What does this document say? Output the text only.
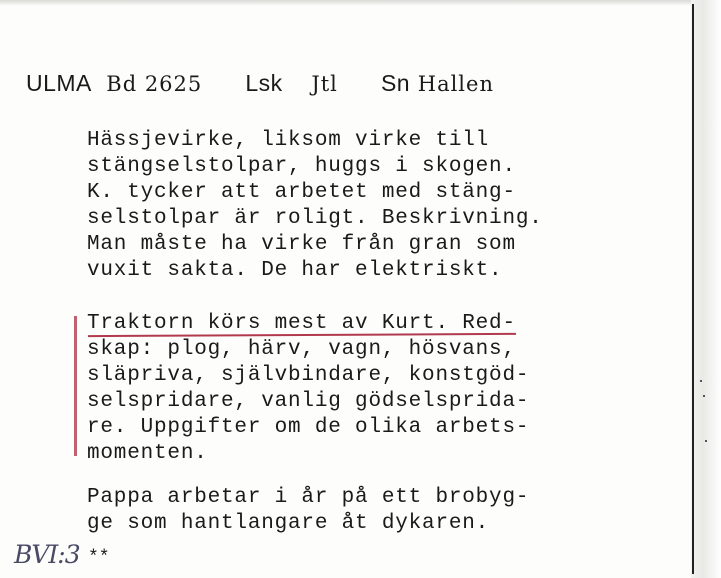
ULMA Bd 2625 Lsk Jtl Sn Hallen
Hässjevirke, liksom virke till
stängselstolpar, huggs i skogen.
K. tycker att arbetet med stäng-
selstolpar är roligt. Beskrivning.
Man måste ha virke från gran som
vuxit sakta. De har elektriskt.
Traktorn körs mest av Kurt. Red-
skap: plog, härv, vagn, hösvans,
släpriva, självbindare, konstgöd-
selspridare, vanlig gödselsprida-
re. Uppgifter om de olika arbets-
momenten.
Pappa arbetar i år på ett brobyg-
ge som hantlangare åt dykaren.
BVI:3 **
